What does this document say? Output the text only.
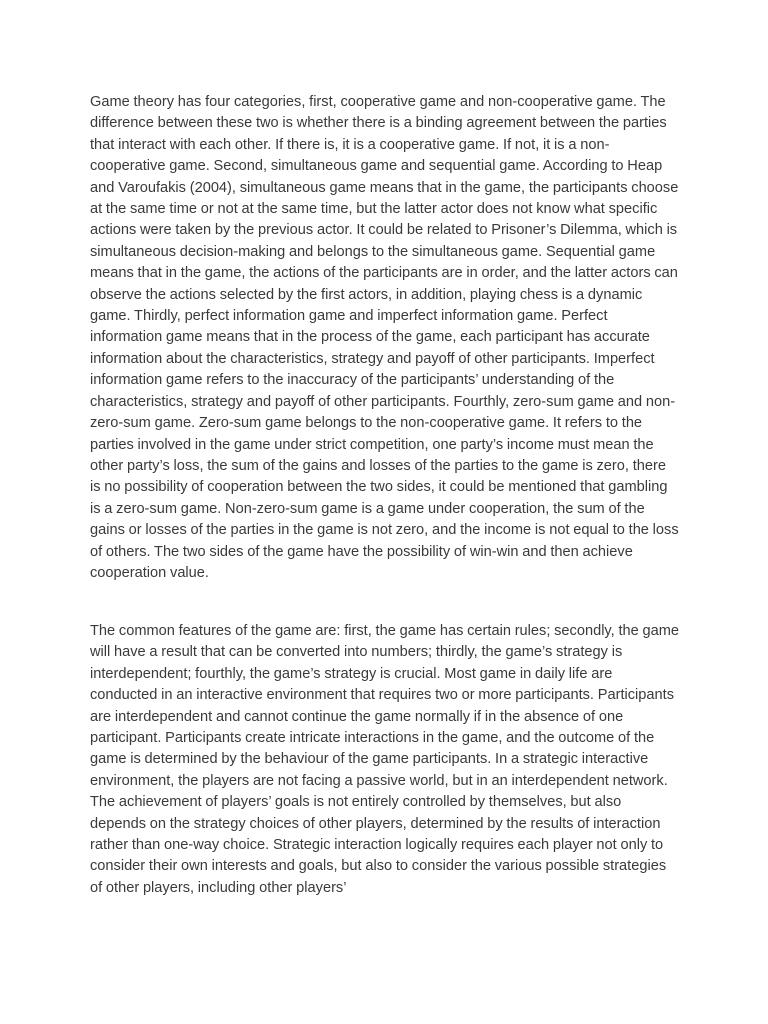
Game theory has four categories, first, cooperative game and non-cooperative game. The difference between these two is whether there is a binding agreement between the parties that interact with each other. If there is, it is a cooperative game. If not, it is a non-cooperative game. Second, simultaneous game and sequential game. According to Heap and Varoufakis (2004), simultaneous game means that in the game, the participants choose at the same time or not at the same time, but the latter actor does not know what specific actions were taken by the previous actor. It could be related to Prisoner’s Dilemma, which is simultaneous decision-making and belongs to the simultaneous game. Sequential game means that in the game, the actions of the participants are in order, and the latter actors can observe the actions selected by the first actors, in addition, playing chess is a dynamic game. Thirdly, perfect information game and imperfect information game. Perfect information game means that in the process of the game, each participant has accurate information about the characteristics, strategy and payoff of other participants. Imperfect information game refers to the inaccuracy of the participants’ understanding of the characteristics, strategy and payoff of other participants. Fourthly, zero-sum game and non-zero-sum game. Zero-sum game belongs to the non-cooperative game. It refers to the parties involved in the game under strict competition, one party’s income must mean the other party’s loss, the sum of the gains and losses of the parties to the game is zero, there is no possibility of cooperation between the two sides, it could be mentioned that gambling is a zero-sum game. Non-zero-sum game is a game under cooperation, the sum of the gains or losses of the parties in the game is not zero, and the income is not equal to the loss of others. The two sides of the game have the possibility of win-win and then achieve cooperation value.

The common features of the game are: first, the game has certain rules; secondly, the game will have a result that can be converted into numbers; thirdly, the game’s strategy is interdependent; fourthly, the game’s strategy is crucial. Most game in daily life are conducted in an interactive environment that requires two or more participants. Participants are interdependent and cannot continue the game normally if in the absence of one participant. Participants create intricate interactions in the game, and the outcome of the game is determined by the behaviour of the game participants. In a strategic interactive environment, the players are not facing a passive world, but in an interdependent network. The achievement of players’ goals is not entirely controlled by themselves, but also depends on the strategy choices of other players, determined by the results of interaction rather than one-way choice. Strategic interaction logically requires each player not only to consider their own interests and goals, but also to consider the various possible strategies of other players, including other players’
